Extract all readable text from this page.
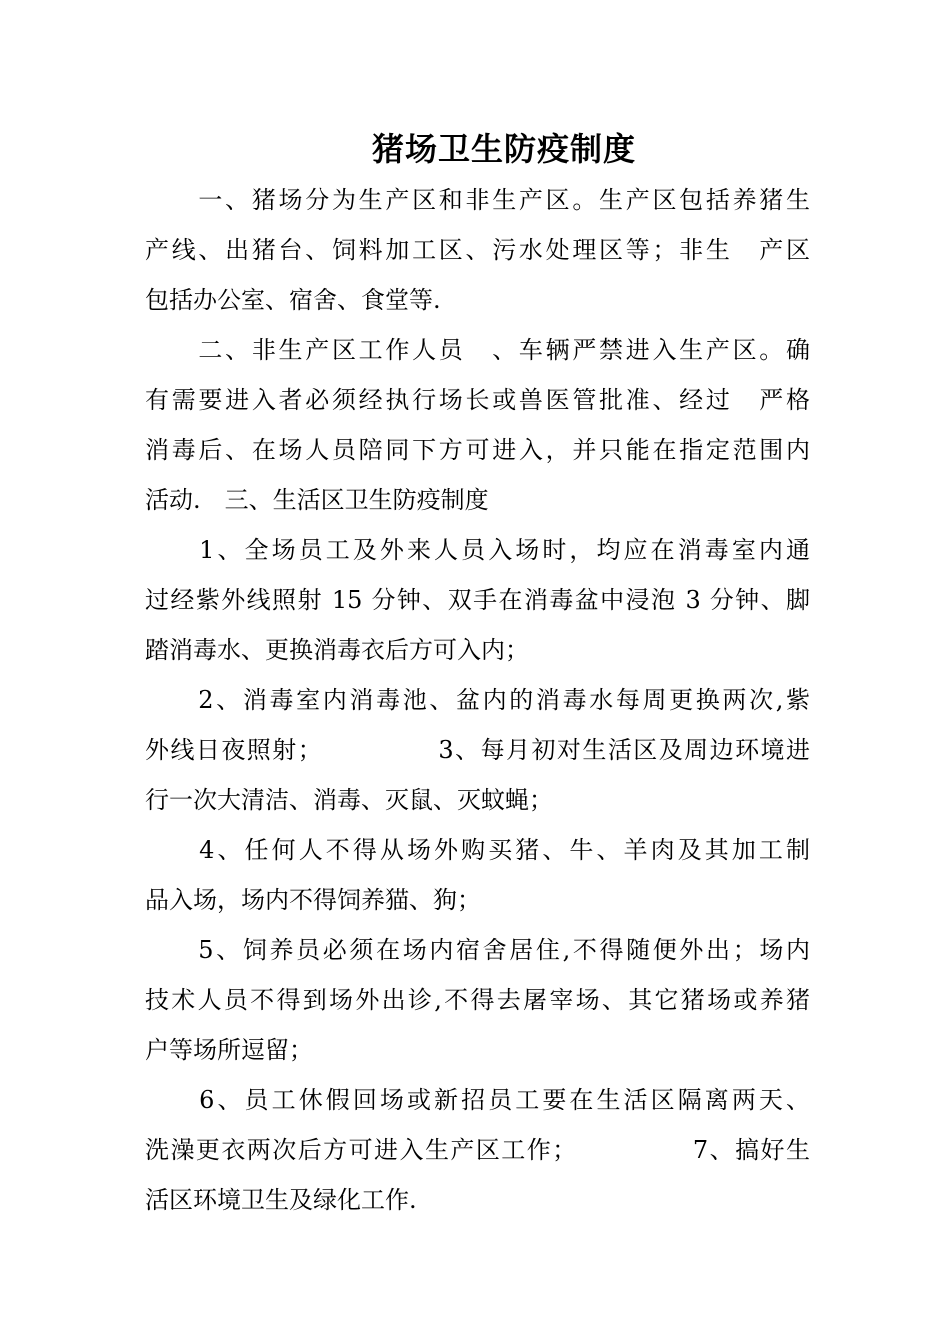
猪场卫生防疫制度
　　一、猪场分为生产区和非生产区。生产区包括养猪生
产线、出猪台、饲料加工区、污水处理区等；非生　产区
包括办公室、宿舍、食堂等.
　　二、非生产区工作人员　、车辆严禁进入生产区。确
有需要进入者必须经执行场长或兽医管批准、经过　严格
消毒后、在场人员陪同下方可进入，并只能在指定范围内
活动.　三、生活区卫生防疫制度
　　1、全场员工及外来人员入场时，均应在消毒室内通
过经紫外线照射 15 分钟、双手在消毒盆中浸泡 3 分钟、脚
踏消毒水、更换消毒衣后方可入内；
　　2、消毒室内消毒池、盆内的消毒水每周更换两次,紫
外线日夜照射；　　　　　3、每月初对生活区及周边环境进
行一次大清洁、消毒、灭鼠、灭蚊蝇；
　　4、任何人不得从场外购买猪、牛、羊肉及其加工制
品入场，场内不得饲养猫、狗；
　　5、饲养员必须在场内宿舍居住,不得随便外出；场内
技术人员不得到场外出诊,不得去屠宰场、其它猪场或养猪
户等场所逗留；
　　6、员工休假回场或新招员工要在生活区隔离两天、
洗澡更衣两次后方可进入生产区工作；　　　　　7、搞好生
活区环境卫生及绿化工作.
